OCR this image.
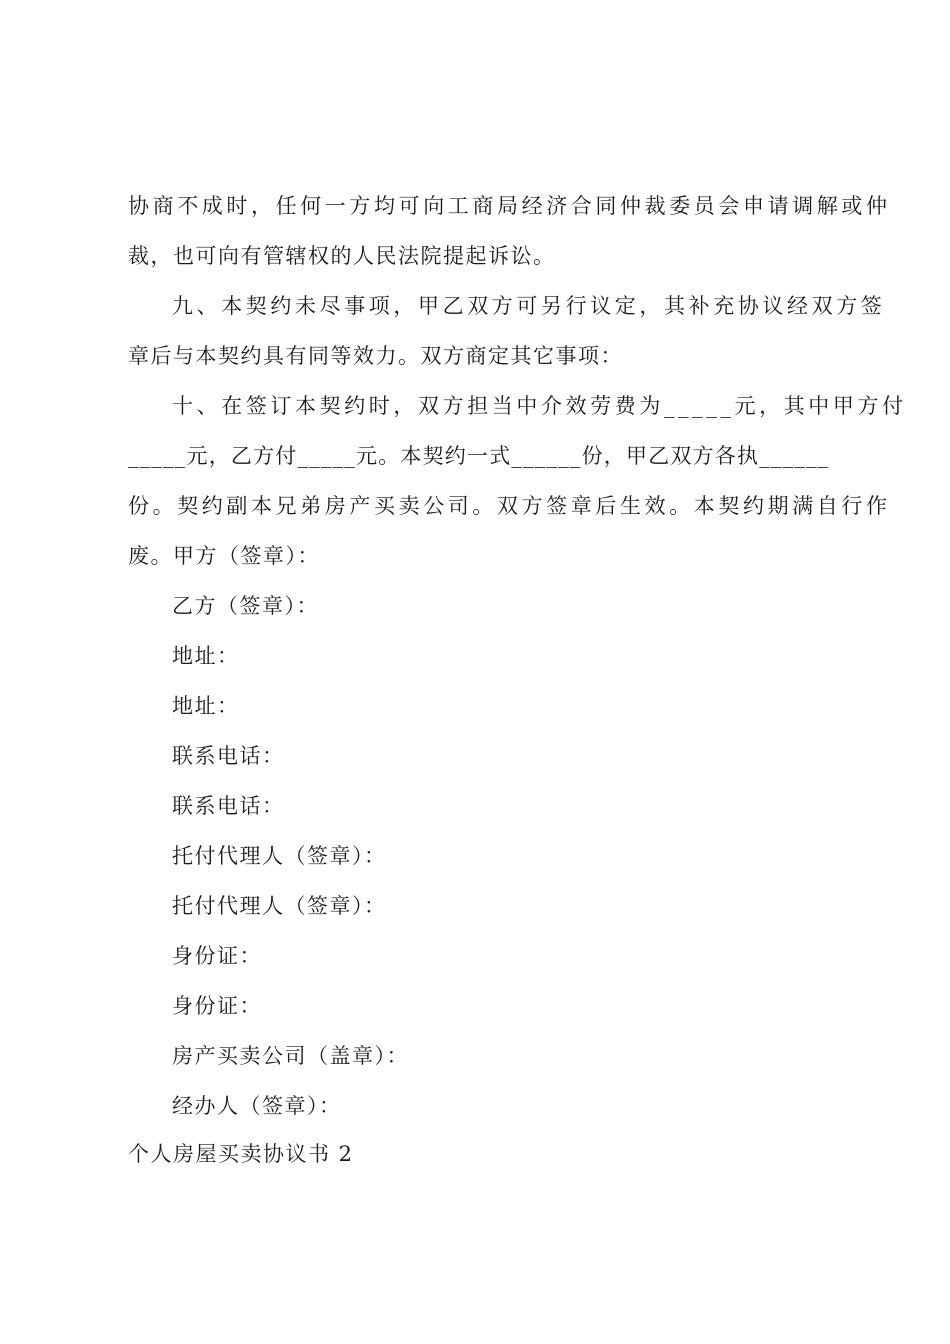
协商不成时，任何一方均可向工商局经济合同仲裁委员会申请调解或仲
裁，也可向有管辖权的人民法院提起诉讼。
九、本契约未尽事项，甲乙双方可另行议定，其补充协议经双方签
章后与本契约具有同等效力。双方商定其它事项：
十、在签订本契约时，双方担当中介效劳费为_____元，其中甲方付
_____元，乙方付_____元。本契约一式______份，甲乙双方各执______
份。契约副本兄弟房产买卖公司。双方签章后生效。本契约期满自行作
废。甲方（签章）：
乙方（签章）：
地址：
地址：
联系电话：
联系电话：
托付代理人（签章）：
托付代理人（签章）：
身份证：
身份证：
房产买卖公司（盖章）：
经办人（签章）：
个人房屋买卖协议书 2
